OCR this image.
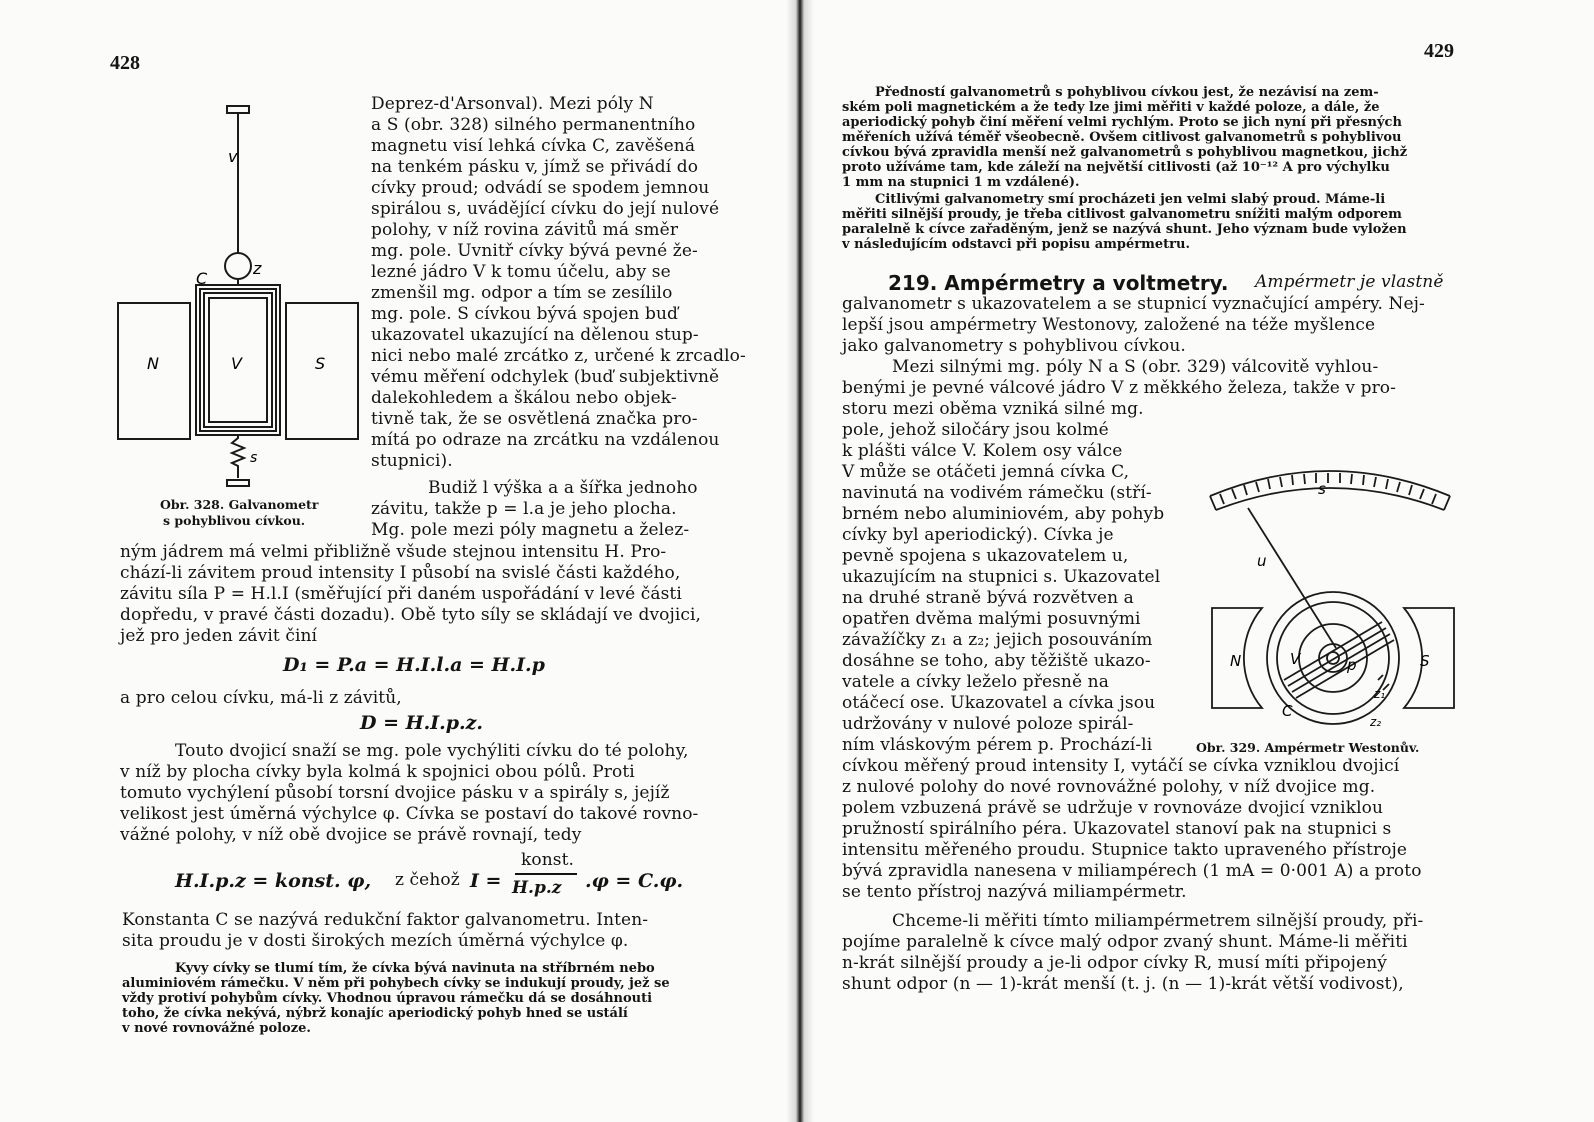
428
v
z
C
N	V	S
s
Obr. 328. Galvanometr
s pohyblivou cívkou.
Deprez-d'Arsonval). Mezi póly N
a S (obr. 328) silného permanentního
magnetu visí lehká cívka C, zavěšená
na tenkém pásku v, jímž se přivádí do
cívky proud; odvádí se spodem jemnou
spirálou s, uvádějící cívku do její nulové
polohy, v níž rovina závitů má směr
mg. pole. Uvnitř cívky bývá pevné že-
lezné jádro V k tomu účelu, aby se
zmenšil mg. odpor a tím se zesílilo
mg. pole. S cívkou bývá spojen buď
ukazovatel ukazující na dělenou stup-
nici nebo malé zrcátko z, určené k zrcadlo-
vému měření odchylek (buď subjektivně
dalekohledem a škálou nebo objek-
tivně tak, že se osvětlená značka pro-
mítá po odraze na zrcátku na vzdálenou
stupnici).
Budiž l výška a a šířka jednoho
závitu, takže p = l.a je jeho plocha.
Mg. pole mezi póly magnetu a želez-
ným jádrem má velmi přibližně všude stejnou intensitu H. Pro-
chází-li závitem proud intensity I působí na svislé části každého,
závitu síla P = H.l.I (směřující při daném uspořádání v levé části
dopředu, v pravé části dozadu). Obě tyto síly se skládají ve dvojici,
jež pro jeden závit činí
D₁ = P.a = H.I.l.a = H.I.p
a pro celou cívku, má-li z závitů,
D = H.I.p.z.
Touto dvojicí snaží se mg. pole vychýliti cívku do té polohy,
v níž by plocha cívky byla kolmá k spojnici obou pólů. Proti
tomuto vychýlení působí torsní dvojice pásku v a spirály s, jejíž
velikost jest úměrná výchylce φ. Cívka se postaví do takové rovno-
vážné polohy, v níž obě dvojice se právě rovnají, tedy
H.I.p.z = konst. φ, z čehož I =
konst.
H.p.z .φ = C.φ.
Konstanta C se nazývá redukční faktor galvanometru. Inten-
sita proudu je v dosti širokých mezích úměrná výchylce φ.
Kyvy cívky se tlumí tím, že cívka bývá navinuta na stříbrném nebo
aluminiovém rámečku. V něm při pohybech cívky se indukují proudy, jež se
vždy protiví pohybům cívky. Vhodnou úpravou rámečku dá se dosáhnouti
toho, že cívka nekývá, nýbrž konajíc aperiodický pohyb hned se ustálí
v nové rovnovážné poloze.
429
Předností galvanometrů s pohyblivou cívkou jest, že nezávisí na zem-
ském poli magnetickém a že tedy lze jimi měřiti v každé poloze, a dále, že
aperiodický pohyb činí měření velmi rychlým. Proto se jich nyní při přesných
měřeních užívá téměř všeobecně. Ovšem citlivost galvanometrů s pohyblivou
cívkou bývá zpravidla menší než galvanometrů s pohyblivou magnetkou, jichž
proto užíváme tam, kde záleží na největší citlivosti (až 10⁻¹² A pro výchylku
1 mm na stupnici 1 m vzdálené).
Citlivými galvanometry smí procházeti jen velmi slabý proud. Máme-li
měřiti silnější proudy, je třeba citlivost galvanometru snížiti malým odporem
paralelně k cívce zařaděným, jenž se nazývá shunt. Jeho význam bude vyložen
v následujícím odstavci při popisu ampérmetru.
219. Ampérmetry a voltmetry. Ampérmetr je vlastně
galvanometr s ukazovatelem a se stupnicí vyznačující ampéry. Nej-
lepší jsou ampérmetry Westonovy, založené na téže myšlence
jako galvanometry s pohyblivou cívkou.
Mezi silnými mg. póly N a S (obr. 329) válcovitě vyhlou-
benými je pevné válcové jádro V z měkkého železa, takže v pro-
storu mezi oběma vzniká silné mg.
pole, jehož siločáry jsou kolmé
k plášti válce V. Kolem osy válce
V může se otáčeti jemná cívka C,
navinutá na vodivém rámečku (stří-
brném nebo aluminiovém, aby pohyb
cívky byl aperiodický). Cívka je
pevně spojena s ukazovatelem u,
ukazujícím na stupnici s. Ukazovatel
na druhé straně bývá rozvětven a
opatřen dvěma malými posuvnými
závažíčky z₁ a z₂; jejich posouváním
dosáhne se toho, aby těžiště ukazo-
vatele a cívky leželo přesně na
otáčecí ose. Ukazovatel a cívka jsou
udržovány v nulové poloze spirál-
ním vláskovým pérem p. Prochází-li
cívkou měřený proud intensity I, vytáčí se cívka vzniklou dvojicí
z nulové polohy do nové rovnovážné polohy, v níž dvojice mg.
polem vzbuzená právě se udržuje v rovnováze dvojicí vzniklou
pružností spirálního péra. Ukazovatel stanoví pak na stupnici s
intensitu měřeného proudu. Stupnice takto upraveného přístroje
bývá zpravidla nanesena v miliampérech (1 mA = 0·001 A) a proto
se tento přístroj nazývá miliampérmetr.
Chceme-li měřiti tímto miliampérmetrem silnější proudy, při-
pojíme paralelně k cívce malý odpor zvaný shunt. Máme-li měřiti
n-krát silnější proudy a je-li odpor cívky R, musí míti připojený
shunt odpor (n — 1)-krát menší (t. j. (n — 1)-krát větší vodivost),
s
u
N	V	p	S
C
z₁
z₂
Obr. 329. Ampérmetr Westonův.
